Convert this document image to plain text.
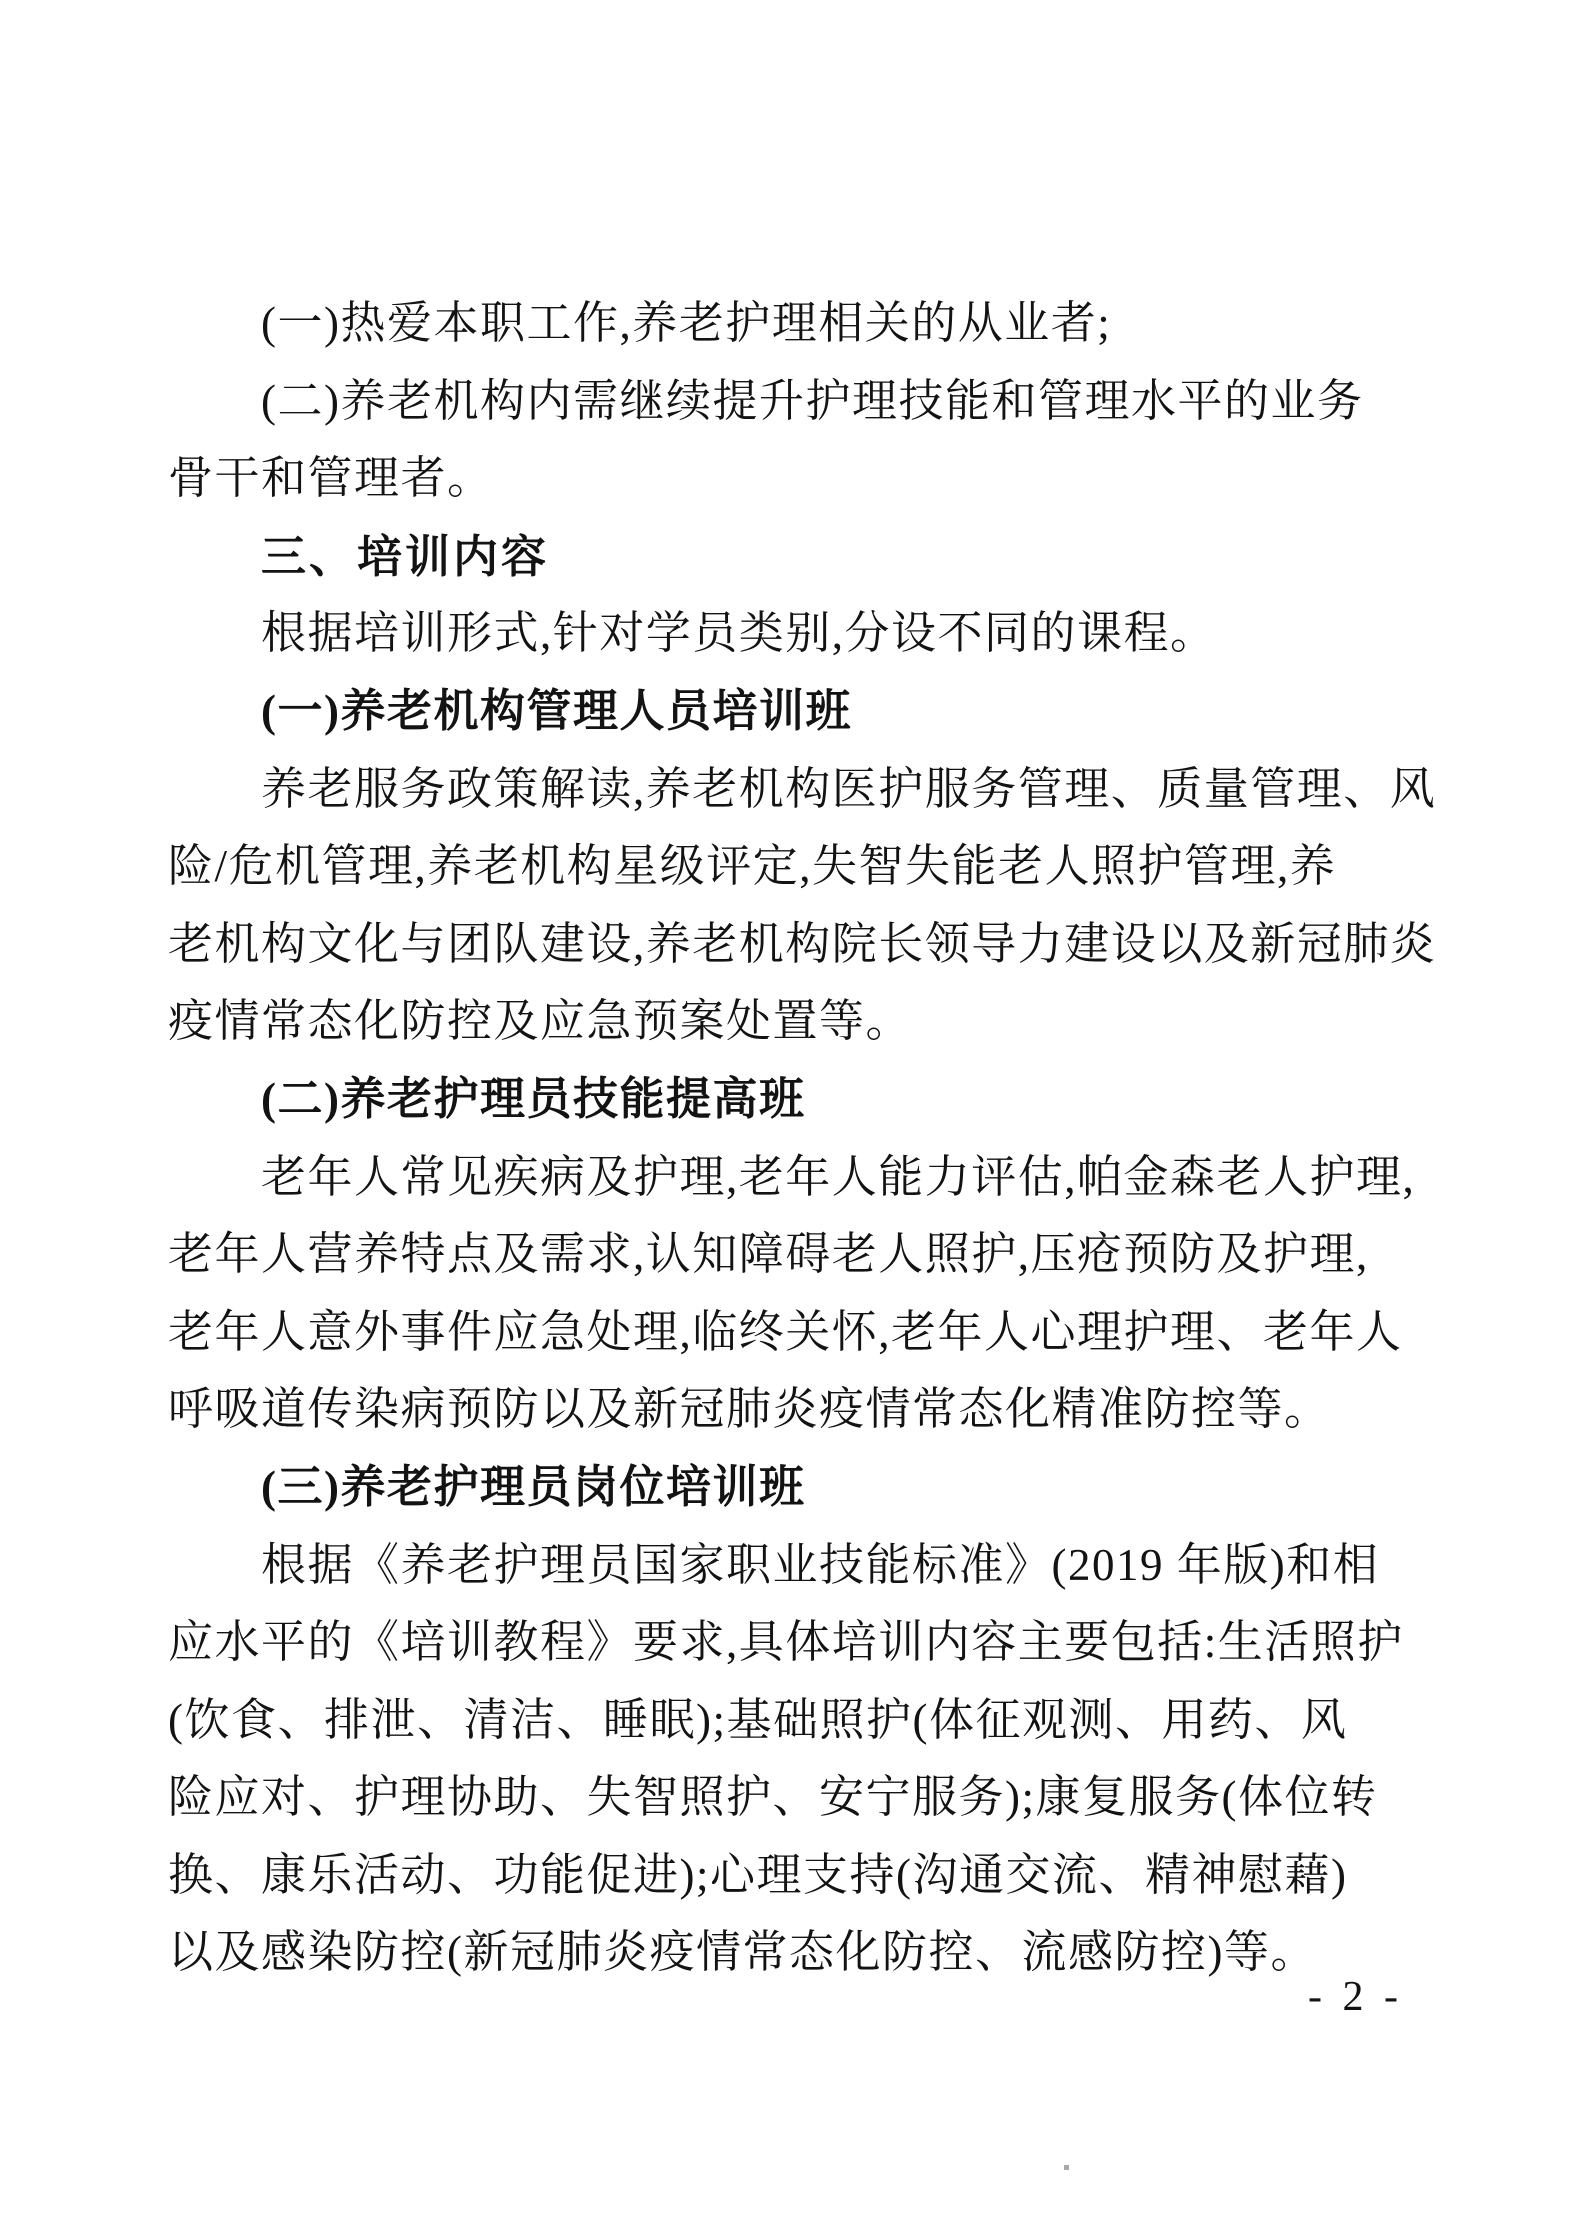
(一)热爱本职工作,养老护理相关的从业者;
(二)养老机构内需继续提升护理技能和管理水平的业务
骨干和管理者。
三、培训内容
根据培训形式,针对学员类别,分设不同的课程。
(一)养老机构管理人员培训班
养老服务政策解读,养老机构医护服务管理、质量管理、风
险/危机管理,养老机构星级评定,失智失能老人照护管理,养
老机构文化与团队建设,养老机构院长领导力建设以及新冠肺炎
疫情常态化防控及应急预案处置等。
(二)养老护理员技能提高班
老年人常见疾病及护理,老年人能力评估,帕金森老人护理,
老年人营养特点及需求,认知障碍老人照护,压疮预防及护理,
老年人意外事件应急处理,临终关怀,老年人心理护理、老年人
呼吸道传染病预防以及新冠肺炎疫情常态化精准防控等。
(三)养老护理员岗位培训班
根据《养老护理员国家职业技能标准》(2019 年版)和相
应水平的《培训教程》要求,具体培训内容主要包括:生活照护
(饮食、排泄、清洁、睡眠);基础照护(体征观测、用药、风
险应对、护理协助、失智照护、安宁服务);康复服务(体位转
换、康乐活动、功能促进);心理支持(沟通交流、精神慰藉)
以及感染防控(新冠肺炎疫情常态化防控、流感防控)等。
- 2 -
